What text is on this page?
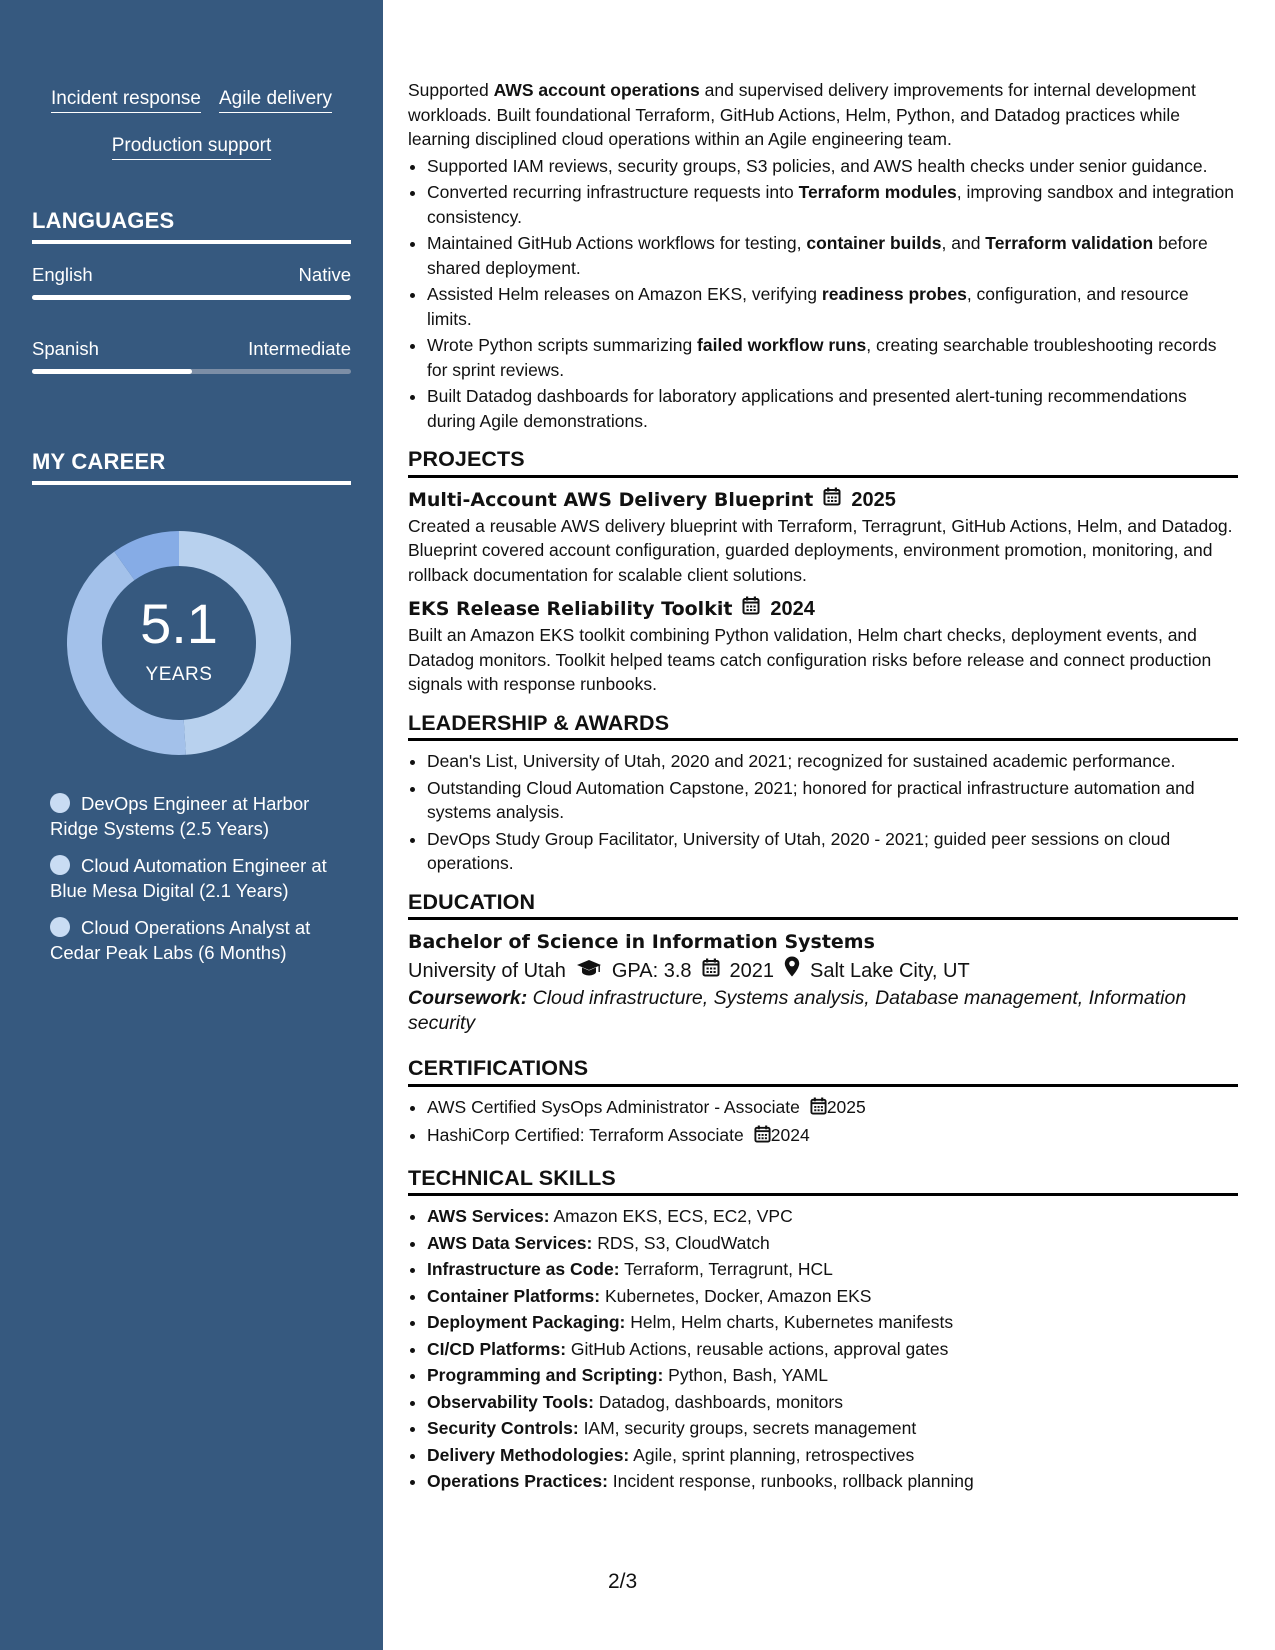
Incident response Agile delivery
Production support
LANGUAGES
English	Native
Spanish	Intermediate
MY CAREER
5.1
YEARS
DevOps Engineer at Harbor Ridge Systems (2.5 Years)
Cloud Automation Engineer at Blue Mesa Digital (2.1 Years)
Cloud Operations Analyst at Cedar Peak Labs (6 Months)
Supported AWS account operations and supervised delivery improvements for internal development workloads. Built foundational Terraform, GitHub Actions, Helm, Python, and Datadog practices while learning disciplined cloud operations within an Agile engineering team.
• Supported IAM reviews, security groups, S3 policies, and AWS health checks under senior guidance.
• Converted recurring infrastructure requests into Terraform modules, improving sandbox and integration consistency.
• Maintained GitHub Actions workflows for testing, container builds, and Terraform validation before shared deployment.
• Assisted Helm releases on Amazon EKS, verifying readiness probes, configuration, and resource limits.
• Wrote Python scripts summarizing failed workflow runs, creating searchable troubleshooting records for sprint reviews.
• Built Datadog dashboards for laboratory applications and presented alert-tuning recommendations during Agile demonstrations.
PROJECTS
Multi-Account AWS Delivery Blueprint 2025
Created a reusable AWS delivery blueprint with Terraform, Terragrunt, GitHub Actions, Helm, and Datadog. Blueprint covered account configuration, guarded deployments, environment promotion, monitoring, and rollback documentation for scalable client solutions.
EKS Release Reliability Toolkit 2024
Built an Amazon EKS toolkit combining Python validation, Helm chart checks, deployment events, and Datadog monitors. Toolkit helped teams catch configuration risks before release and connect production signals with response runbooks.
LEADERSHIP & AWARDS
• Dean's List, University of Utah, 2020 and 2021; recognized for sustained academic performance.
• Outstanding Cloud Automation Capstone, 2021; honored for practical infrastructure automation and systems analysis.
• DevOps Study Group Facilitator, University of Utah, 2020 - 2021; guided peer sessions on cloud operations.
EDUCATION
Bachelor of Science in Information Systems
University of Utah GPA: 3.8 2021 Salt Lake City, UT
Coursework: Cloud infrastructure, Systems analysis, Database management, Information security
CERTIFICATIONS
• AWS Certified SysOps Administrator - Associate 2025
• HashiCorp Certified: Terraform Associate 2024
TECHNICAL SKILLS
• AWS Services: Amazon EKS, ECS, EC2, VPC
• AWS Data Services: RDS, S3, CloudWatch
• Infrastructure as Code: Terraform, Terragrunt, HCL
• Container Platforms: Kubernetes, Docker, Amazon EKS
• Deployment Packaging: Helm, Helm charts, Kubernetes manifests
• CI/CD Platforms: GitHub Actions, reusable actions, approval gates
• Programming and Scripting: Python, Bash, YAML
• Observability Tools: Datadog, dashboards, monitors
• Security Controls: IAM, security groups, secrets management
• Delivery Methodologies: Agile, sprint planning, retrospectives
• Operations Practices: Incident response, runbooks, rollback planning
2/3
